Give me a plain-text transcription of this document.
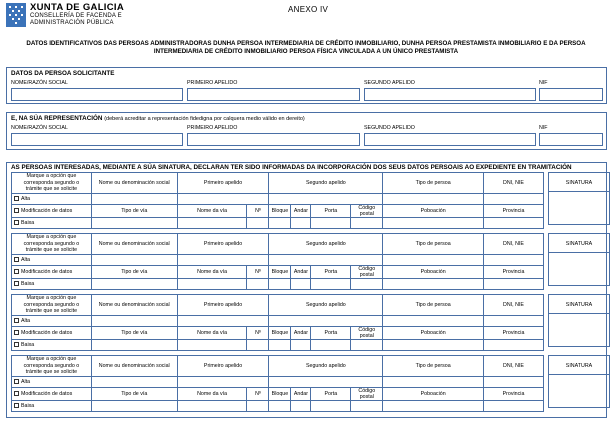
XUNTA DE GALICIA
CONSELLERÍA DE FACENDA E
ADMINISTRACIÓN PÚBLICA
ANEXO IV
DATOS IDENTIFICATIVOS DAS PERSOAS ADMINISTRADORAS DUNHA PERSOA INTERMEDIARIA DE CRÉDITO INMOBILIARIO, DUNHA PERSOA PRESTAMISTA INMOBILIARIO E DA PERSOA
INTERMEDIARIA DE CRÉDITO INMOBILIARIO PERSOA FÍSICA VINCULADA A UN ÚNICO PRESTAMISTA
DATOS DA PERSOA SOLICITANTE
NOME/RAZÓN SOCIAL	PRIMEIRO APELIDO	SEGUNDO APELIDO	NIF
E, NA SÚA REPRESENTACIÓN (deberá acreditar a representación fidedigna por calquera medio válido en dereito)
NOME/RAZÓN SOCIAL	PRIMEIRO APELIDO	SEGUNDO APELIDO	NIF
AS PERSOAS INTERESADAS, MEDIANTE A SÚA SINATURA, DECLARAN TER SIDO INFORMADAS DA INCORPORACIÓN DOS SEUS DATOS PERSOAIS AO EXPEDIENTE EN TRAMITACIÓN
Marque a opción que
corresponda segundo o
trámite que se solicite	Nome ou denominación social	Primeiro apelido		Segundo apelido				Tipo de persoa	DNI, NIE
Alta									
Modificación de datos	Tipo de vía	Nome da vía	Nº	Bloque	Andar	Porta	Código postal	Poboación	Provincia
Baixa									
SINATURA
Marque a opción que
corresponda segundo o
trámite que se solicite	Nome ou denominación social	Primeiro apelido		Segundo apelido				Tipo de persoa	DNI, NIE
Alta									
Modificación de datos	Tipo de vía	Nome da vía	Nº	Bloque	Andar	Porta	Código postal	Poboación	Provincia
Baixa									
SINATURA
Marque a opción que
corresponda segundo o
trámite que se solicite	Nome ou denominación social	Primeiro apelido		Segundo apelido				Tipo de persoa	DNI, NIE
Alta									
Modificación de datos	Tipo de vía	Nome da vía	Nº	Bloque	Andar	Porta	Código postal	Poboación	Provincia
Baixa									
SINATURA
Marque a opción que
corresponda segundo o
trámite que se solicite	Nome ou denominación social	Primeiro apelido		Segundo apelido				Tipo de persoa	DNI, NIE
Alta									
Modificación de datos	Tipo de vía	Nome da vía	Nº	Bloque	Andar	Porta	Código postal	Poboación	Provincia
Baixa									
SINATURA
